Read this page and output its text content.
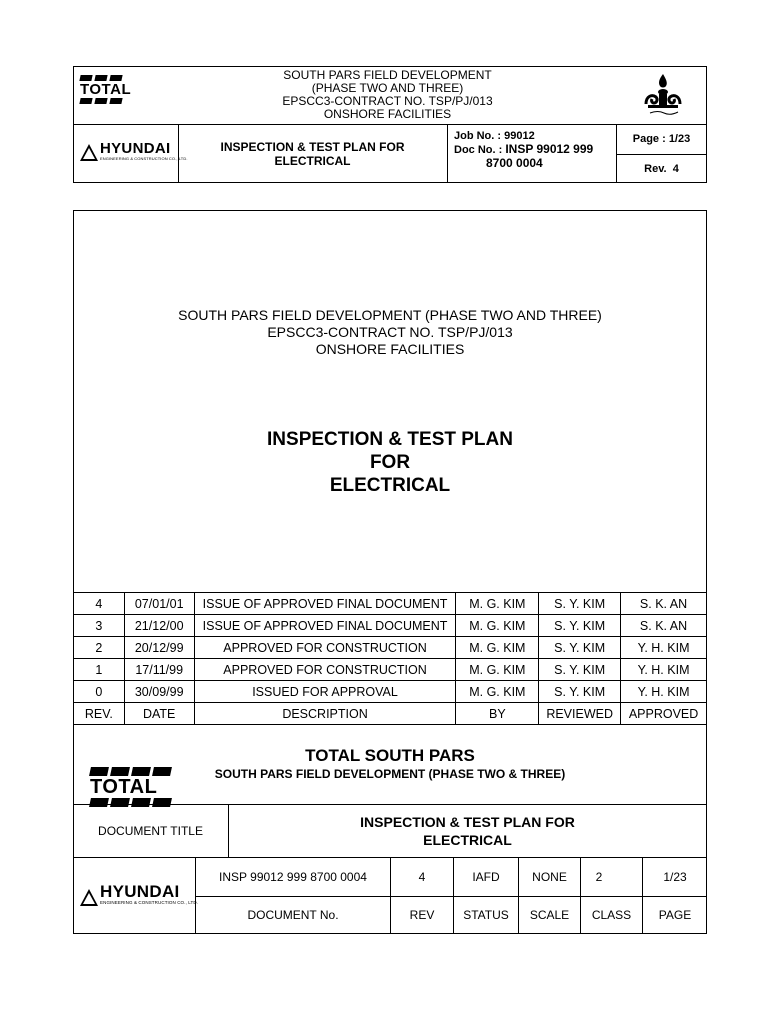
TOTAL
SOUTH PARS FIELD DEVELOPMENT
(PHASE TWO AND THREE)
EPSCC3-CONTRACT NO. TSP/PJ/013
ONSHORE FACILITIES
HYUNDAI
ENGINEERING & CONSTRUCTION CO., LTD.
INSPECTION & TEST PLAN FOR ELECTRICAL
Job No. : 99012
Doc No. : INSP 99012 999
8700 0004
Page : 1/23
Rev.  4
SOUTH PARS FIELD DEVELOPMENT (PHASE TWO AND THREE)
EPSCC3-CONTRACT NO. TSP/PJ/013
ONSHORE FACILITIES
INSPECTION & TEST PLAN
FOR
ELECTRICAL
4	07/01/01	ISSUE OF APPROVED FINAL DOCUMENT	M. G. KIM	S. Y. KIM	S. K. AN
3	21/12/00	ISSUE OF APPROVED FINAL DOCUMENT	M. G. KIM	S. Y. KIM	S. K. AN
2	20/12/99	APPROVED FOR CONSTRUCTION	M. G. KIM	S. Y. KIM	Y. H. KIM
1	17/11/99	APPROVED FOR CONSTRUCTION	M. G. KIM	S. Y. KIM	Y. H. KIM
0	30/09/99	ISSUED FOR APPROVAL	M. G. KIM	S. Y. KIM	Y. H. KIM
REV.	DATE	DESCRIPTION	BY	REVIEWED	APPROVED
TOTAL
TOTAL SOUTH PARS
SOUTH PARS FIELD DEVELOPMENT (PHASE TWO & THREE)
DOCUMENT TITLE
INSPECTION & TEST PLAN FOR
ELECTRICAL
HYUNDAI
ENGINEERING & CONSTRUCTION CO., LTD.
INSP 99012 999 8700 0004	4	IAFD	NONE	2	1/23
DOCUMENT No.	REV	STATUS	SCALE	CLASS	PAGE
